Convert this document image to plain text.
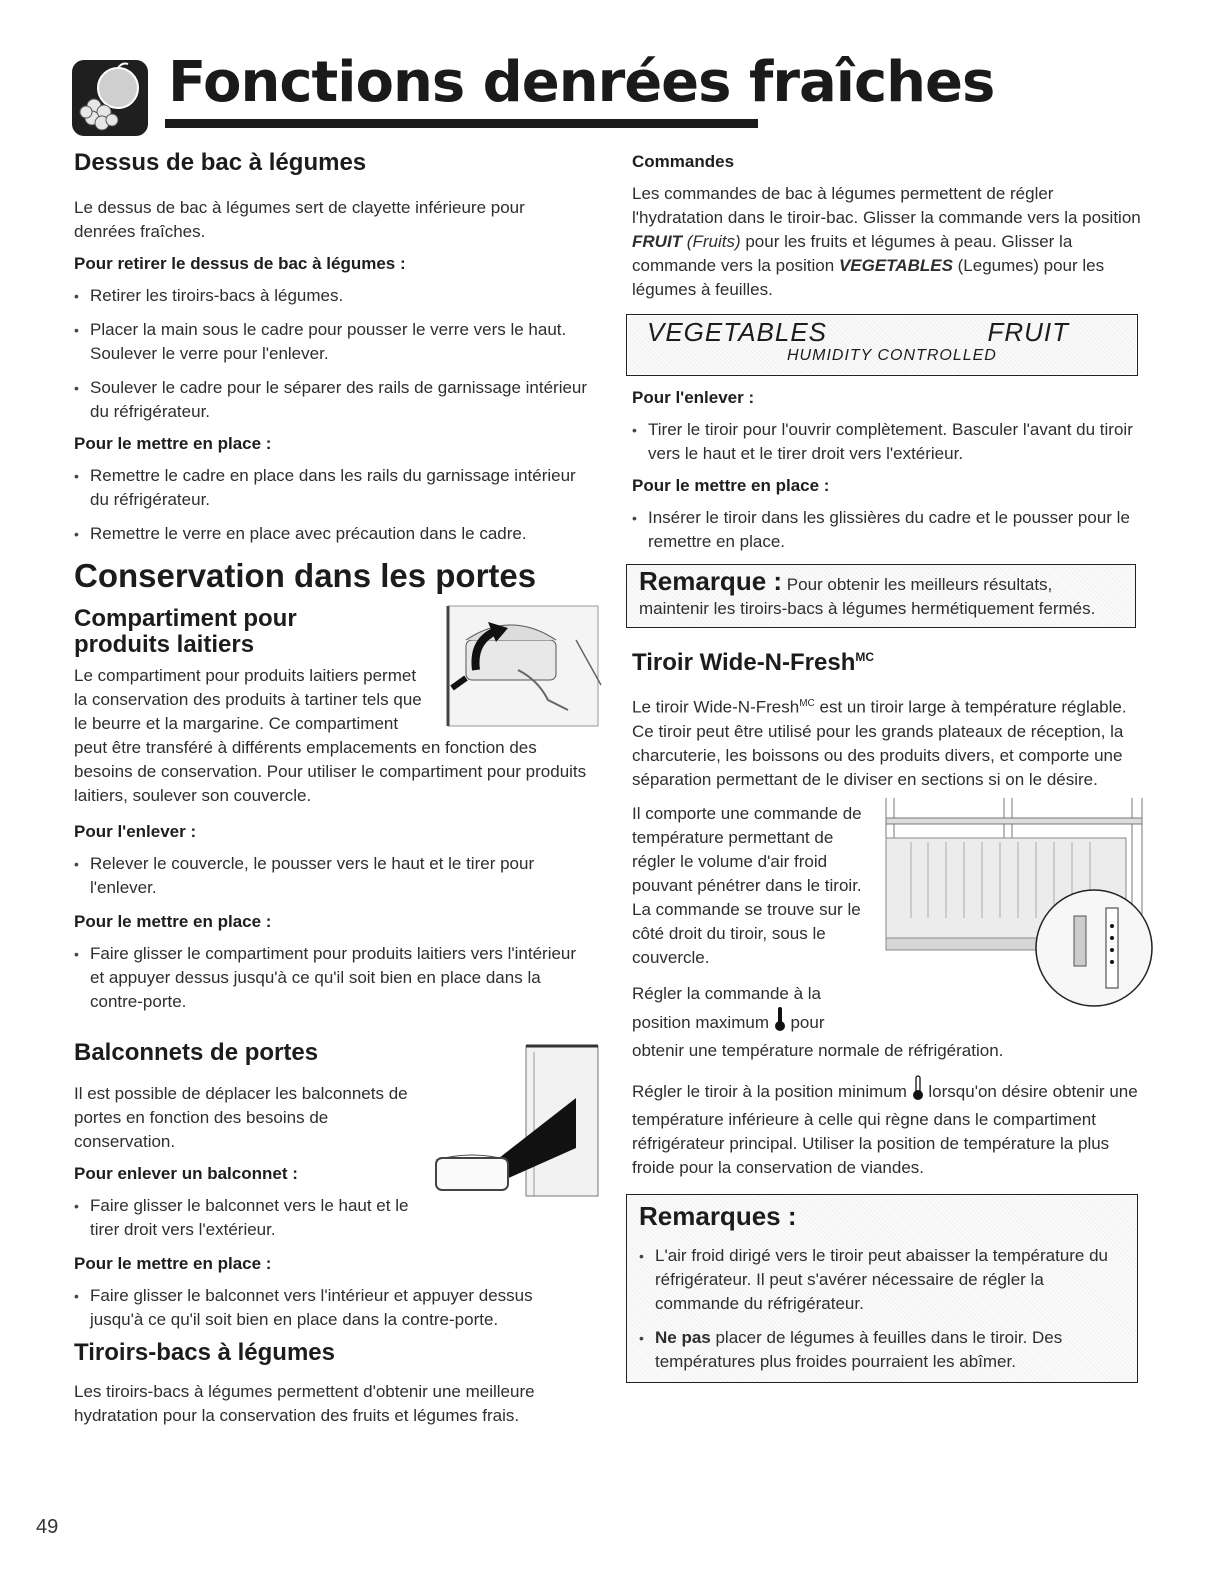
Fonctions denrées fraîches
Dessus de bac à légumes

Le dessus de bac à légumes sert de clayette inférieure pour denrées fraîches.

Pour retirer le dessus de bac à légumes :
• Retirer les tiroirs-bacs à légumes.
• Placer la main sous le cadre pour pousser le verre vers le haut. Soulever le verre pour l'enlever.
• Soulever le cadre pour le séparer des rails de garnissage intérieur du réfrigérateur.
Pour le mettre en place :
• Remettre le cadre en place dans les rails du garnissage intérieur du réfrigérateur.
• Remettre le verre en place avec précaution dans le cadre.
Conservation dans les portes
Compartiment pour
produits laitiers

Le compartiment pour produits laitiers permet la conservation des produits à tartiner tels que le beurre et la margarine. Ce compartiment peut être transféré à différents emplacements en fonction des besoins de conservation. Pour utiliser le compartiment pour produits laitiers, soulever son couvercle.

Pour l'enlever :
• Relever le couvercle, le pousser vers le haut et le tirer pour l'enlever.
Pour le mettre en place :
• Faire glisser le compartiment pour produits laitiers vers l'intérieur et appuyer dessus jusqu'à ce qu'il soit bien en place dans la contre-porte.
Balconnets de portes

Il est possible de déplacer les balconnets de portes en fonction des besoins de conservation.

Pour enlever un balconnet :
• Faire glisser le balconnet vers le haut et le tirer droit vers l'extérieur.
Pour le mettre en place :
• Faire glisser le balconnet vers l'intérieur et appuyer dessus jusqu'à ce qu'il soit bien en place dans la contre-porte.
Tiroirs-bacs à légumes

Les tiroirs-bacs à légumes permettent d'obtenir une meilleure hydratation pour la conservation des fruits et légumes frais.

Commandes

Les commandes de bac à légumes permettent de régler l'hydratation dans le tiroir-bac. Glisser la commande vers la position FRUIT (Fruits) pour les fruits et légumes à peau. Glisser la commande vers la position VEGETABLES (Legumes) pour les légumes à feuilles.

VEGETABLES	FRUIT
HUMIDITY CONTROLLED
Pour l'enlever :
• Tirer le tiroir pour l'ouvrir complètement. Basculer l'avant du tiroir vers le haut et le tirer droit vers l'extérieur.
Pour le mettre en place :
• Insérer le tiroir dans les glissières du cadre et le pousser pour le remettre en place.
Remarque : Pour obtenir les meilleurs résultats, maintenir les tiroirs-bacs à légumes hermétiquement fermés.
Tiroir Wide-N-Fresh$^{MC}$

Le tiroir Wide-N-Fresh$^{MC}$ est un tiroir large à température réglable. Ce tiroir peut être utilisé pour les grands plateaux de réception, la charcuterie, les boissons ou des produits divers, et comporte une séparation permettant de le diviser en sections si on le désire.

Il comporte une commande de température permettant de régler le volume d'air froid pouvant pénétrer dans le tiroir. La commande se trouve sur le côté droit du tiroir, sous le couvercle.

Régler la commande à la position maximum pour obtenir une température normale de réfrigération.

Régler le tiroir à la position minimum lorsqu'on désire obtenir une température inférieure à celle qui règne dans le compartiment réfrigérateur principal. Utiliser la position de température la plus froide pour la conservation de viandes.

Remarques :
• L'air froid dirigé vers le tiroir peut abaisser la température du réfrigérateur. Il peut s'avérer nécessaire de régler la commande du réfrigérateur.
• Ne pas placer de légumes à feuilles dans le tiroir. Des températures plus froides pourraient les abîmer.
49
